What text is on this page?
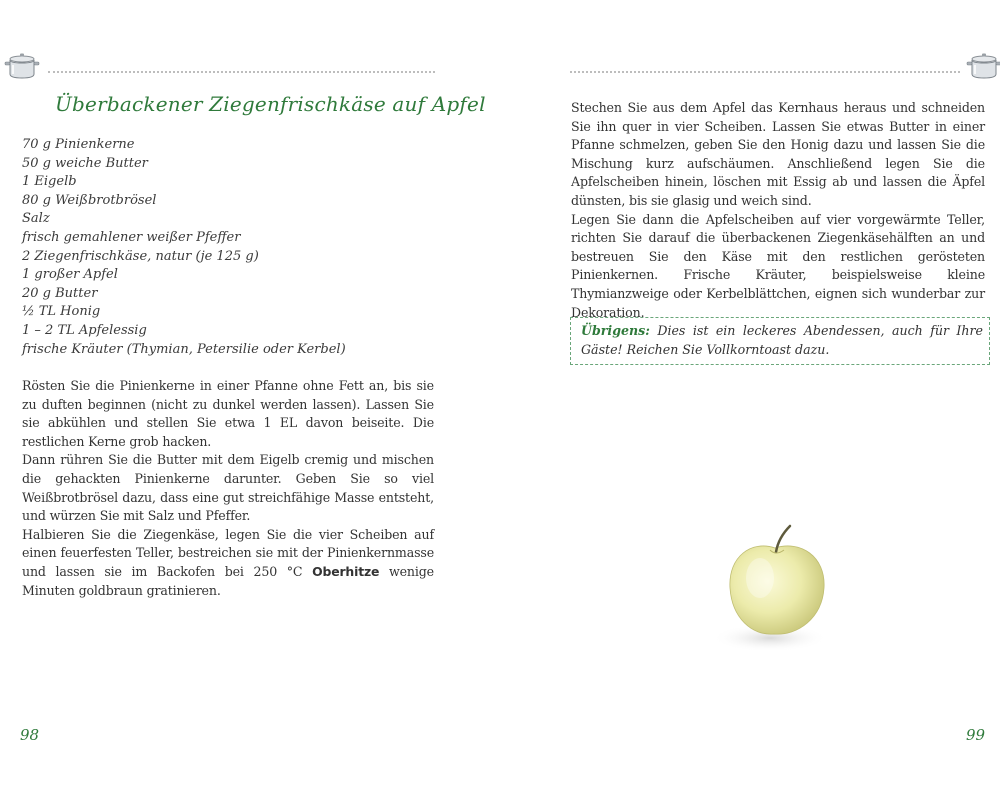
Überbackener Ziegenfrischkäse auf Apfel
70 g Pinienkerne
50 g weiche Butter
1 Eigelb
80 g Weißbrotbrösel
Salz
frisch gemahlener weißer Pfeffer
2 Ziegenfrischkäse, natur (je 125 g)
1 großer Apfel
20 g Butter
½ TL Honig
1 – 2 TL Apfelessig
frische Kräuter (Thymian, Petersilie oder Kerbel)

Rösten Sie die Pinienkerne in einer Pfanne ohne Fett an, bis sie zu duften beginnen (nicht zu dunkel werden lassen). Lassen Sie sie abkühlen und stellen Sie etwa 1 EL davon beiseite. Die restlichen Kerne grob hacken.

Dann rühren Sie die Butter mit dem Eigelb cremig und mischen die gehackten Pinienkerne darunter. Geben Sie so viel Weißbrotbrösel dazu, dass eine gut streichfähige Masse entsteht, und würzen Sie mit Salz und Pfeffer.

Halbieren Sie die Ziegenkäse, legen Sie die vier Scheiben auf einen feuerfesten Teller, bestreichen sie mit der Pinienkernmasse und lassen sie im Backofen bei 250 °C Oberhitze wenige Minuten goldbraun gratinieren.

98

Stechen Sie aus dem Apfel das Kernhaus heraus und schneiden Sie ihn quer in vier Scheiben. Lassen Sie etwas Butter in einer Pfanne schmelzen, geben Sie den Honig dazu und lassen Sie die Mischung kurz aufschäumen. Anschließend legen Sie die Apfelscheiben hinein, löschen mit Essig ab und lassen die Äpfel dünsten, bis sie glasig und weich sind.

Legen Sie dann die Apfelscheiben auf vier vorgewärmte Teller, richten Sie darauf die überbackenen Ziegenkäsehälften an und bestreuen Sie den Käse mit den restlichen gerösteten Pinienkernen. Frische Kräuter, beispielsweise kleine Thymianzweige oder Kerbelblättchen, eignen sich wunderbar zur Dekoration.

Übrigens: Dies ist ein leckeres Abendessen, auch für Ihre Gäste! Reichen Sie Vollkorntoast dazu.
99
